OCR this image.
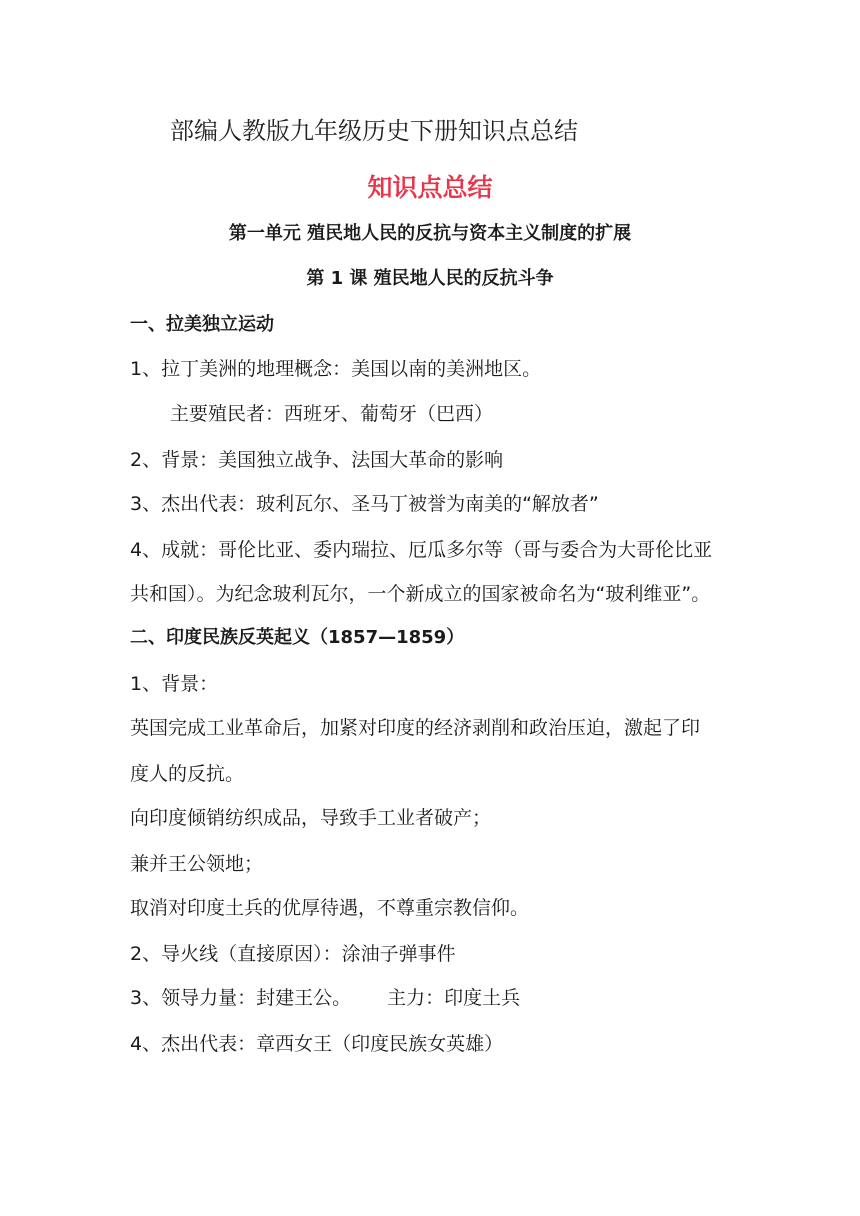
部编人教版九年级历史下册知识点总结
知识点总结
第一单元 殖民地人民的反抗与资本主义制度的扩展
第 1 课 殖民地人民的反抗斗争
一、拉美独立运动
1、拉丁美洲的地理概念：美国以南的美洲地区。
主要殖民者：西班牙、葡萄牙（巴西）
2、背景：美国独立战争、法国大革命的影响
3、杰出代表：玻利瓦尔、圣马丁被誉为南美的“解放者”
4、成就：哥伦比亚、委内瑞拉、厄瓜多尔等（哥与委合为大哥伦比亚
共和国）。为纪念玻利瓦尔，一个新成立的国家被命名为“玻利维亚”。
二、印度民族反英起义（1857—1859）
1、背景：
英国完成工业革命后，加紧对印度的经济剥削和政治压迫，激起了印
度人的反抗。
向印度倾销纺织成品，导致手工业者破产；
兼并王公领地；
取消对印度土兵的优厚待遇，不尊重宗教信仰。
2、导火线（直接原因）：涂油子弹事件
3、领导力量：封建王公。 主力：印度土兵
4、杰出代表：章西女王（印度民族女英雄）
